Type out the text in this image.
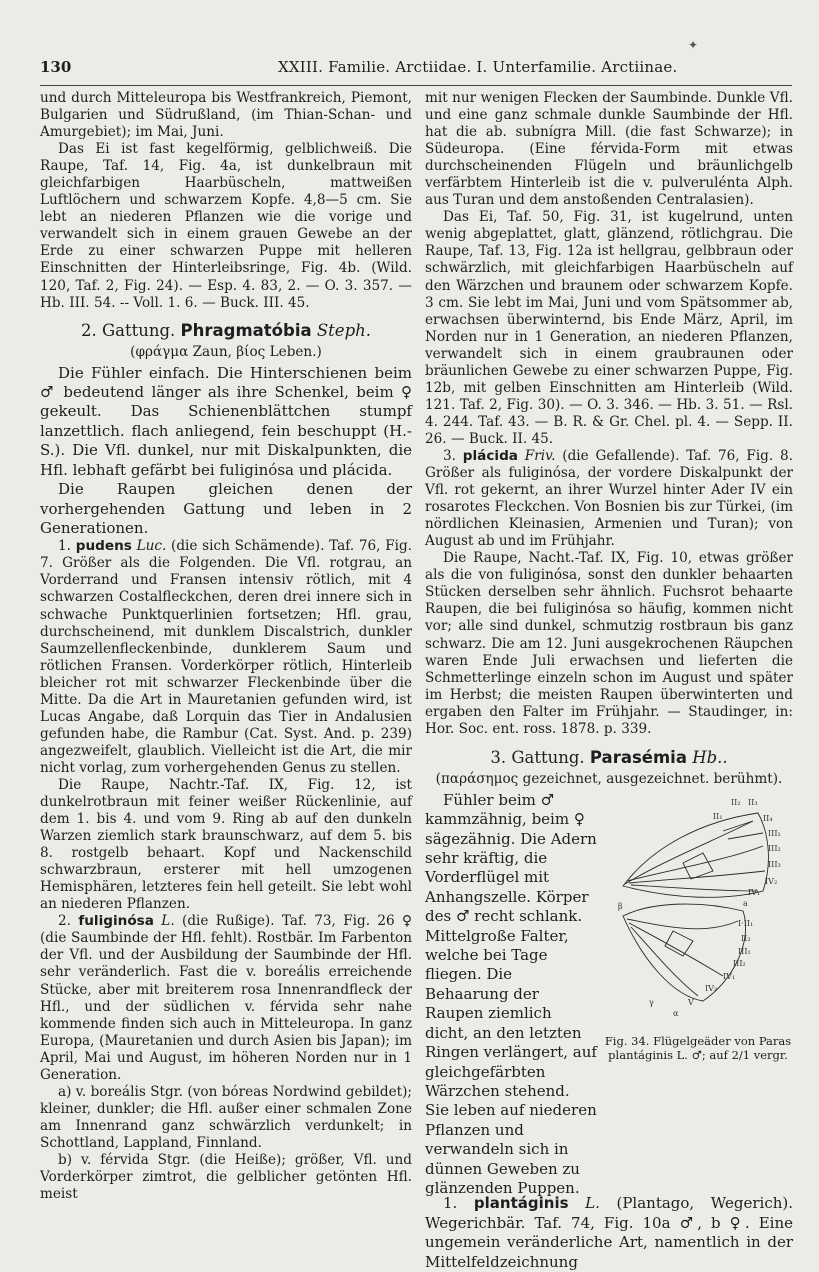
✦
130	XXIII. Familie. Arctiidae. I. Unterfamilie. Arctiinae.

und durch Mitteleuropa bis Westfrankreich, Piemont, Bulgarien und Südrußland, (im Thian-Schan- und Amurgebiet); im Mai, Juni.

Das Ei ist fast kegelförmig, gelblichweiß. Die Raupe, Taf. 14, Fig. 4a, ist dunkelbraun mit gleichfarbigen Haarbüscheln, mattweißen Luftlöchern und schwarzem Kopfe. 4,8—5 cm. Sie lebt an niederen Pflanzen wie die vorige und verwandelt sich in einem grauen Gewebe an der Erde zu einer schwarzen Puppe mit helleren Einschnitten der Hinterleibsringe, Fig. 4b. (Wild. 120, Taf. 2, Fig. 24). — Esp. 4. 83, 2. — O. 3. 357. — Hb. III. 54. -- Voll. 1. 6. — Buck. III. 45.

2. Gattung. Phragmatóbia Steph.
(φράγμα Zaun, βίος Leben.)

Die Fühler einfach. Die Hinterschienen beim ♂ bedeutend länger als ihre Schenkel, beim ♀ gekeult. Das Schienenblättchen stumpf lanzettlich. flach anliegend, fein beschuppt (H.-S.). Die Vfl. dunkel, nur mit Diskalpunkten, die Hfl. lebhaft gefärbt bei fuliginósa und plácida.

Die Raupen gleichen denen der vorhergehenden Gattung und leben in 2 Generationen.

1. pudens Luc. (die sich Schämende). Taf. 76, Fig. 7. Größer als die Folgenden. Die Vfl. rotgrau, an Vorderrand und Fransen intensiv rötlich, mit 4 schwarzen Costalfleckchen, deren drei innere sich in schwache Punktquerlinien fortsetzen; Hfl. grau, durchscheinend, mit dunklem Discalstrich, dunkler Saumzellenfleckenbinde, dunklerem Saum und rötlichen Fransen. Vorderkörper rötlich, Hinterleib bleicher rot mit schwarzer Fleckenbinde über die Mitte. Da die Art in Mauretanien gefunden wird, ist Lucas Angabe, daß Lorquin das Tier in Andalusien gefunden habe, die Rambur (Cat. Syst. And. p. 239) angezweifelt, glaublich. Vielleicht ist die Art, die mir nicht vorlag, zum vorhergehenden Genus zu stellen.

Die Raupe, Nachtr.-Taf. IX, Fig. 12, ist dunkelrotbraun mit feiner weißer Rückenlinie, auf dem 1. bis 4. und vom 9. Ring ab auf den dunkeln Warzen ziemlich stark braunschwarz, auf dem 5. bis 8. rostgelb behaart. Kopf und Nackenschild schwarzbraun, ersterer mit hell umzogenen Hemisphären, letzteres fein hell geteilt. Sie lebt wohl an niederen Pflanzen.

2. fuliginósa L. (die Rußige). Taf. 73, Fig. 26 ♀ (die Saumbinde der Hfl. fehlt). Rostbär. Im Farbenton der Vfl. und der Ausbildung der Saumbinde der Hfl. sehr veränderlich. Fast die v. boreális erreichende Stücke, aber mit breiterem rosa Innenrandfleck der Hfl., und der südlichen v. férvida sehr nahe kommende finden sich auch in Mitteleuropa. In ganz Europa, (Mauretanien und durch Asien bis Japan); im April, Mai und August, im höheren Norden nur in 1 Generation.

a) v. boreális Stgr. (von bóreas Nordwind gebildet); kleiner, dunkler; die Hfl. außer einer schmalen Zone am Innenrand ganz schwärzlich verdunkelt; in Schottland, Lappland, Finnland.

b) v. férvida Stgr. (die Heiße); größer, Vfl. und Vorderkörper zimtrot, die gelblicher getönten Hfl. meist

mit nur wenigen Flecken der Saumbinde. Dunkle Vfl. und eine ganz schmale dunkle Saumbinde der Hfl. hat die ab. subnígra Mill. (die fast Schwarze); in Südeuropa. (Eine férvida-Form mit etwas durchscheinenden Flügeln und bräunlichgelb verfärbtem Hinterleib ist die v. pulverulénta Alph. aus Turan und dem anstoßenden Centralasien).

Das Ei, Taf. 50, Fig. 31, ist kugelrund, unten wenig abgeplattet, glatt, glänzend, rötlichgrau. Die Raupe, Taf. 13, Fig. 12a ist hellgrau, gelbbraun oder schwärzlich, mit gleichfarbigen Haarbüscheln auf den Wärzchen und braunem oder schwarzem Kopfe. 3 cm. Sie lebt im Mai, Juni und vom Spätsommer ab, erwachsen überwinternd, bis Ende März, April, im Norden nur in 1 Generation, an niederen Pflanzen, verwandelt sich in einem graubraunen oder bräunlichen Gewebe zu einer schwarzen Puppe, Fig. 12b, mit gelben Einschnitten am Hinterleib (Wild. 121. Taf. 2, Fig. 30). — O. 3. 346. — Hb. 3. 51. — Rsl. 4. 244. Taf. 43. — B. R. & Gr. Chel. pl. 4. — Sepp. II. 26. — Buck. II. 45.

3. plácida Friv. (die Gefallende). Taf. 76, Fig. 8. Größer als fuliginósa, der vordere Diskalpunkt der Vfl. rot gekernt, an ihrer Wurzel hinter Ader IV ein rosarotes Fleckchen. Von Bosnien bis zur Türkei, (im nördlichen Kleinasien, Armenien und Turan); von August ab und im Frühjahr.

Die Raupe, Nacht.-Taf. IX, Fig. 10, etwas größer als die von fuliginósa, sonst den dunkler behaarten Stücken derselben sehr ähnlich. Fuchsrot behaarte Raupen, die bei fuliginósa so häufig, kommen nicht vor; alle sind dunkel, schmutzig rostbraun bis ganz schwarz. Die am 12. Juni ausgekrochenen Räupchen waren Ende Juli erwachsen und lieferten die Schmetterlinge einzeln schon im August und später im Herbst; die meisten Raupen überwinterten und ergaben den Falter im Frühjahr. — Staudinger, in: Hor. Soc. ent. ross. 1878. p. 339.

3. Gattung. Parasémia Hb..
(παράσημος gezeichnet, ausgezeichnet. berühmt).

Fühler beim ♂ kammzähnig, beim ♀ sägezähnig. Die Adern sehr kräftig, die Vorderflügel mit Anhangszelle. Körper des ♂ recht schlank. Mittelgroße Falter, welche bei Tage fliegen. Die Behaarung der Raupen ziemlich dicht, an den letzten Ringen verlängert, auf gleichgefärbten Wärzchen stehend. Sie leben auf niederen Pflanzen und verwandeln sich in dünnen Geweben zu glänzenden Puppen.

II₂ II₃
II₁	II₄
III₁
III₂
III₃
IV₂
IV₁
a
I·II₁
II₂
III₁
III₂
IV₁
IV₂
V
α
β
γ
Fig. 34. Flügelgeäder von Paras plantáginis L. ♂; auf 2/1 vergr.

1. plantáginis L. (Plantago, Wegerich). Wegerichbär. Taf. 74, Fig. 10a ♂, b ♀. Eine ungemein veränderliche Art, namentlich in der Mittelfeldzeichnung
